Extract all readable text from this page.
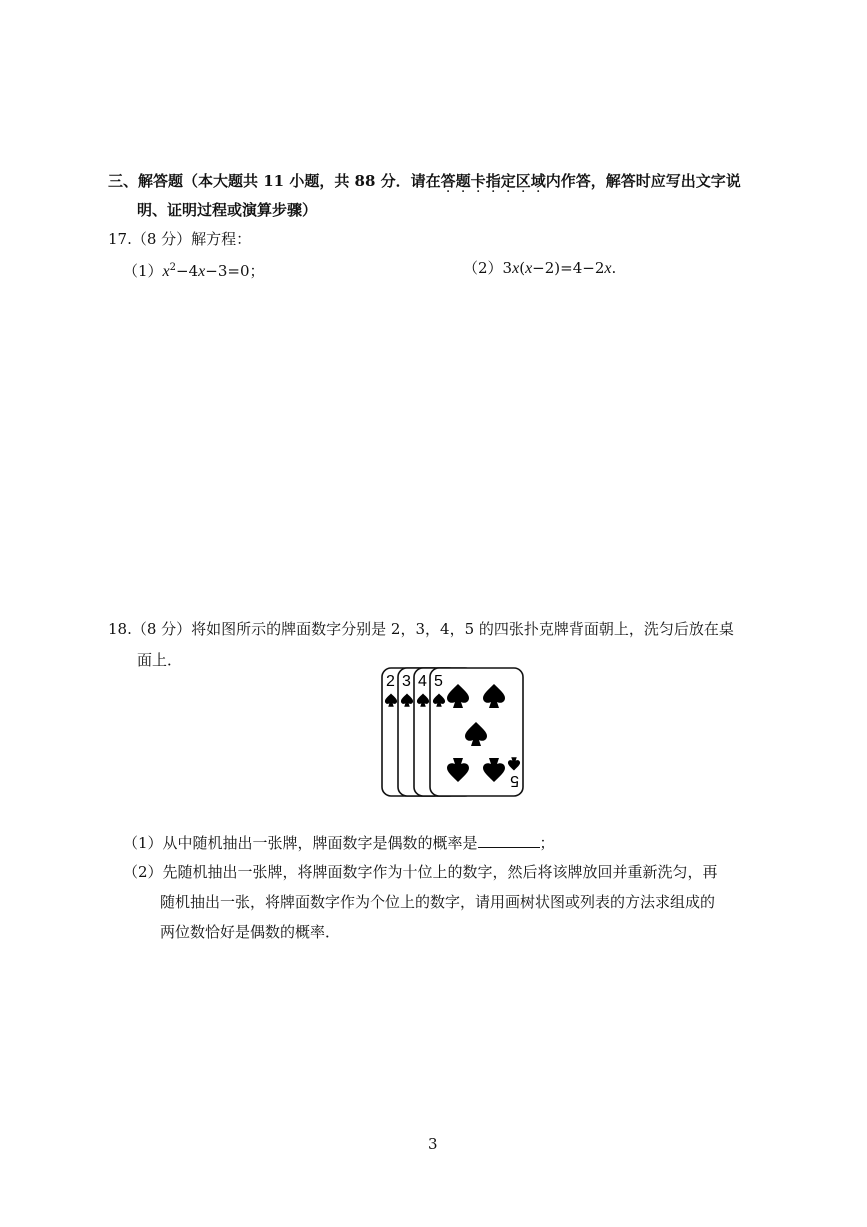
三、解答题（本大题共 11 小题，共 88 分．请在答题卡指定区域内作答，解答时应写出文字说
明、证明过程或演算步骤）
17.（8 分）解方程：
$(1)x^2-4x-3=0$；	（2）3x(x−2)=4−2x.
18.（8 分）将如图所示的牌面数字分别是 2，3，4，5 的四张扑克牌背面朝上，洗匀后放在桌
面上．
2 3 4 5
5
（1）从中随机抽出一张牌，牌面数字是偶数的概率是	；
（2）先随机抽出一张牌，将牌面数字作为十位上的数字，然后将该牌放回并重新洗匀，再
随机抽出一张，将牌面数字作为个位上的数字，请用画树状图或列表的方法求组成的
两位数恰好是偶数的概率．
3
